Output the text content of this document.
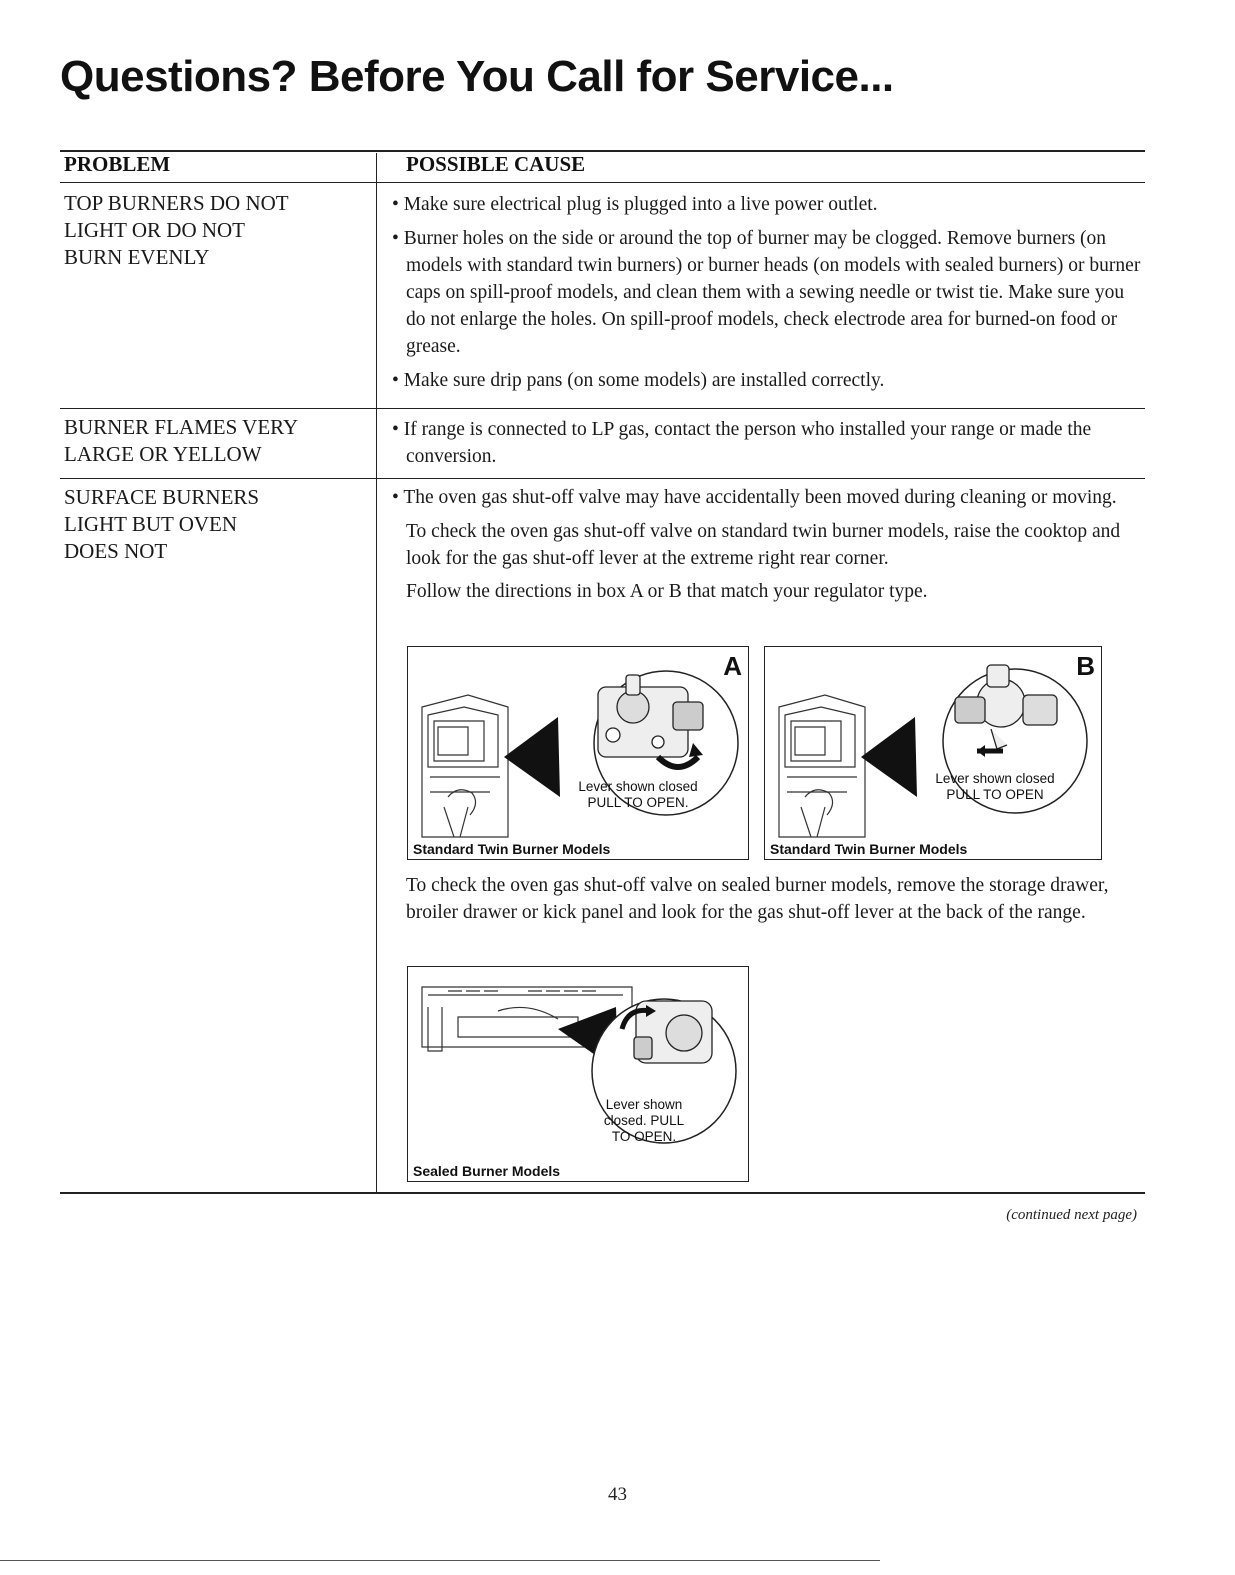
Questions? Before You Call for Service...
PROBLEM	POSSIBLE CAUSE
TOP BURNERS DO NOT
LIGHT OR DO NOT
BURN EVENLY

• Make sure electrical plug is plugged into a live power outlet.

• Burner holes on the side or around the top of burner may be clogged. Remove burners (on models with standard twin burners) or burner heads (on models with sealed burners) or burner caps on spill-proof models, and clean them with a sewing needle or twist tie. Make sure you do not enlarge the holes. On spill-proof models, check electrode area for burned-on food or grease.

• Make sure drip pans (on some models) are installed correctly.

BURNER FLAMES VERY
LARGE OR YELLOW

• If range is connected to LP gas, contact the person who installed your range or made the conversion.

SURFACE BURNERS
LIGHT BUT OVEN
DOES NOT

• The oven gas shut-off valve may have accidentally been moved during cleaning or moving.

To check the oven gas shut-off valve on standard twin burner models, raise the cooktop and look for the gas shut-off lever at the extreme right rear corner.

Follow the directions in box A or B that match your regulator type.

A
Lever shown closed
PULL TO OPEN.
Standard Twin Burner Models
B
Lever shown closed
PULL TO OPEN
Standard Twin Burner Models

To check the oven gas shut-off valve on sealed burner models, remove the storage drawer, broiler drawer or kick panel and look for the gas shut-off lever at the back of the range.

Lever shown
closed. PULL
TO OPEN.
Sealed Burner Models
(continued next page)
43
